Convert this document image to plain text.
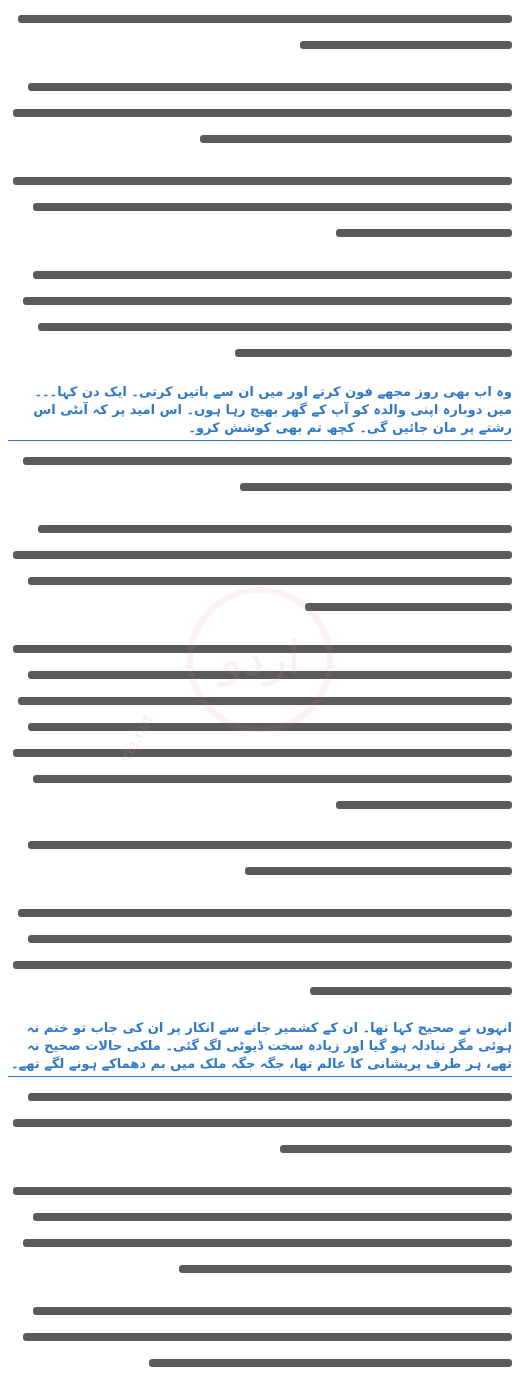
وہ اب بھی روز مجھے فون کرتے اور میں ان سے باتیں کرتی۔ ایک دن کہا۔۔۔ میں دوبارہ اپنی والدہ کو آپ کے گھر بھیج رہا ہوں۔ اس امید پر کہ آنٹی اس رشتے پر مان جائیں گی۔ کچھ تم بھی کوشش کرو۔
انہوں نے صحیح کہا تھا۔ ان کے کشمیر جانے سے انکار پر ان کی جاب تو ختم نہ ہوئی مگر تبادلہ ہو گیا اور زیادہ سخت ڈیوٹی لگ گئی۔ ملکی حالات صحیح نہ تھے، ہر طرف پریشانی کا عالم تھا، جگہ جگہ ملک میں بم دھماکے ہونے لگے تھے۔
urduzone.net
اردو
